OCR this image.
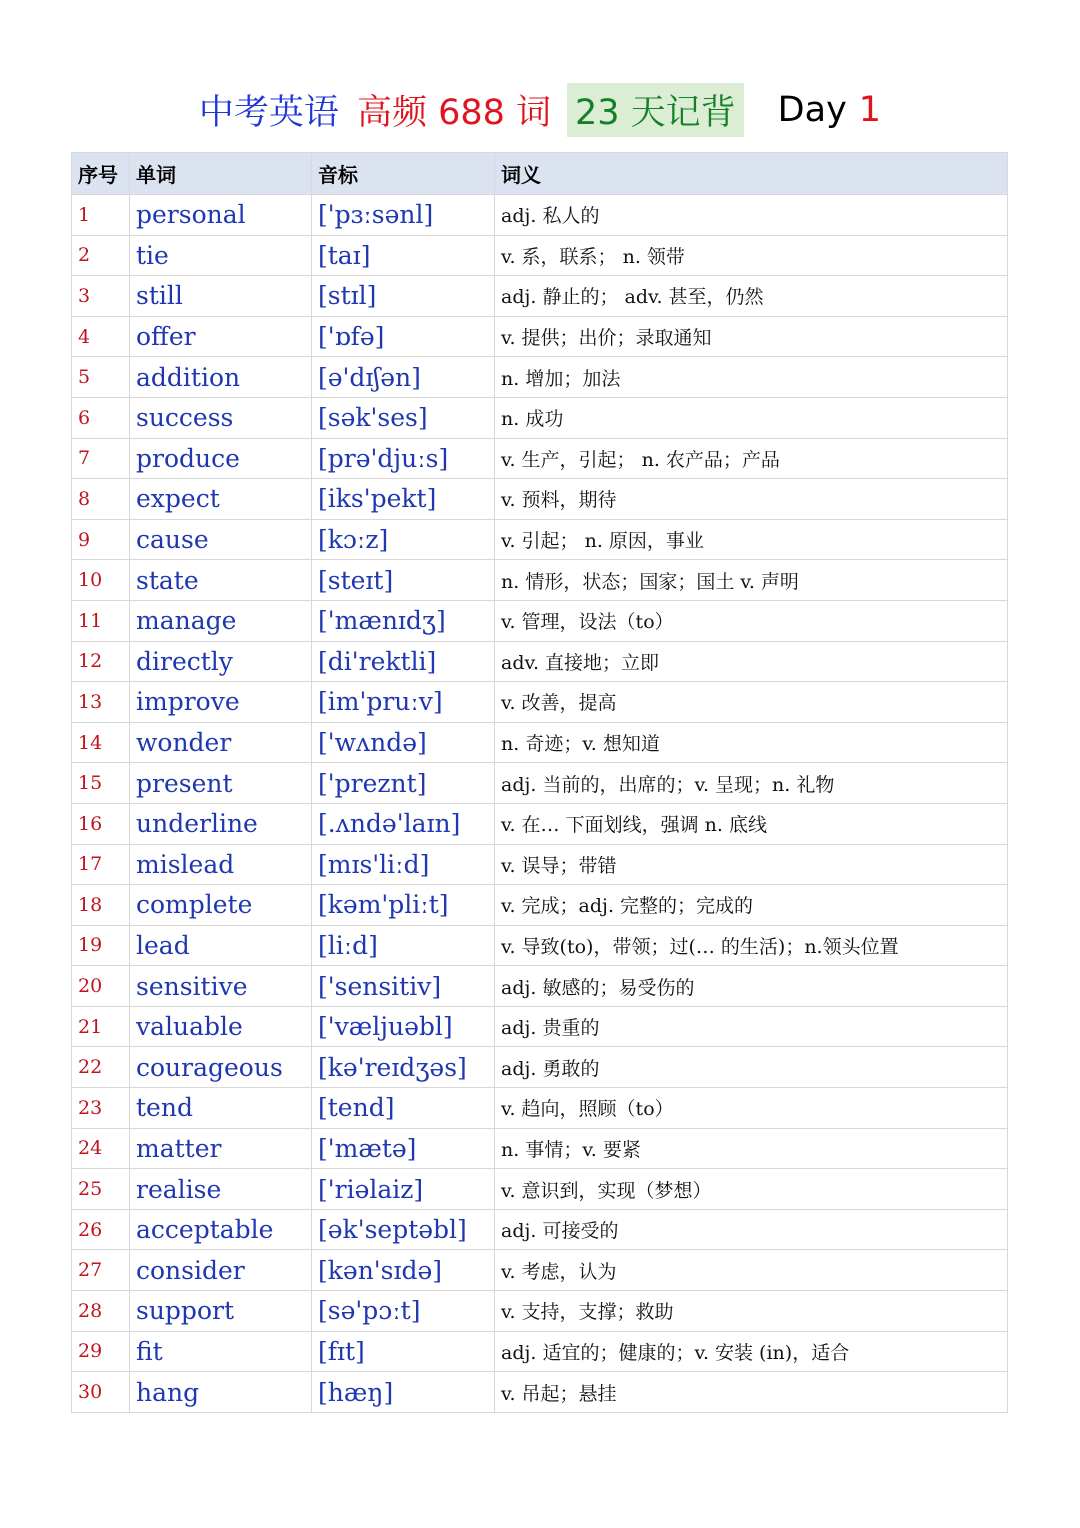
中考英语 高频 688 词 23 天记背 Day 1
序号	单词	音标	词义
1	personal	['pɜːsənl]	adj. 私人的
2	tie	[taɪ]	v. 系，联系； n. 领带
3	still	[stɪl]	adj. 静止的； adv. 甚至，仍然
4	offer	['ɒfə]	v. 提供；出价；录取通知
5	addition	[ə'dɪʃən]	n. 增加；加法
6	success	[sək'ses]	n. 成功
7	produce	[prə'djuːs]	v. 生产，引起； n. 农产品；产品
8	expect	[iks'pekt]	v. 预料，期待
9	cause	[kɔːz]	v. 引起； n. 原因，事业
10	state	[steɪt]	n. 情形，状态；国家；国土 v. 声明
11	manage	['mænɪdʒ]	v. 管理，设法（to）
12	directly	[di'rektli]	adv. 直接地；立即
13	improve	[im'pruːv]	v. 改善，提高
14	wonder	['wʌndə]	n. 奇迹；v. 想知道
15	present	['preznt]	adj. 当前的，出席的；v. 呈现；n. 礼物
16	underline	[.ʌndə'laɪn]	v. 在… 下面划线，强调 n. 底线
17	mislead	[mɪs'liːd]	v. 误导；带错
18	complete	[kəm'pliːt]	v. 完成；adj. 完整的；完成的
19	lead	[liːd]	v. 导致(to)，带领；过(… 的生活)；n.领头位置
20	sensitive	['sensitiv]	adj. 敏感的；易受伤的
21	valuable	['væljuəbl]	adj. 贵重的
22	courageous	[kə'reɪdʒəs]	adj. 勇敢的
23	tend	[tend]	v. 趋向，照顾（to）
24	matter	['mætə]	n. 事情；v. 要紧
25	realise	['riəlaiz]	v. 意识到，实现（梦想）
26	acceptable	[ək'septəbl]	adj. 可接受的
27	consider	[kən'sɪdə]	v. 考虑，认为
28	support	[sə'pɔːt]	v. 支持，支撑；救助
29	fit	[fɪt]	adj. 适宜的；健康的；v. 安装 (in)，适合
30	hang	[hæŋ]	v. 吊起；悬挂
